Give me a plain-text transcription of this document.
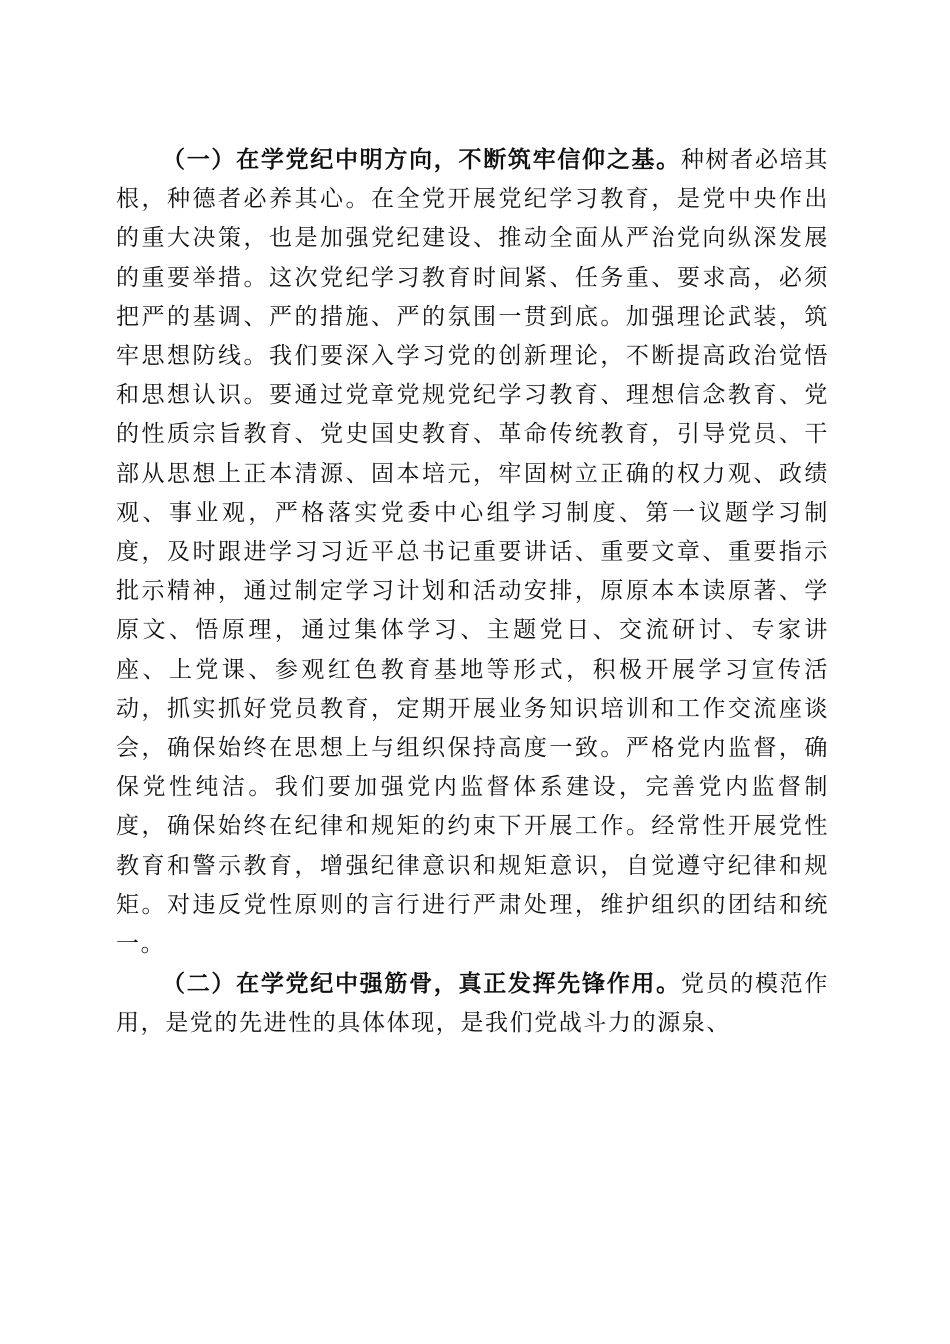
（一）在学党纪中明方向，不断筑牢信仰之基。种树者必培其根，种德者必养其心。在全党开展党纪学习教育，是党中央作出的重大决策，也是加强党纪建设、推动全面从严治党向纵深发展的重要举措。这次党纪学习教育时间紧、任务重、要求高，必须把严的基调、严的措施、严的氛围一贯到底。加强理论武装，筑牢思想防线。我们要深入学习党的创新理论，不断提高政治觉悟和思想认识。要通过党章党规党纪学习教育、理想信念教育、党的性质宗旨教育、党史国史教育、革命传统教育，引导党员、干部从思想上正本清源、固本培元，牢固树立正确的权力观、政绩观、事业观，严格落实党委中心组学习制度、第一议题学习制度，及时跟进学习习近平总书记重要讲话、重要文章、重要指示批示精神，通过制定学习计划和活动安排，原原本本读原著、学原文、悟原理，通过集体学习、主题党日、交流研讨、专家讲座、上党课、参观红色教育基地等形式，积极开展学习宣传活动，抓实抓好党员教育，定期开展业务知识培训和工作交流座谈会，确保始终在思想上与组织保持高度一致。严格党内监督，确保党性纯洁。我们要加强党内监督体系建设，完善党内监督制度，确保始终在纪律和规矩的约束下开展工作。经常性开展党性教育和警示教育，增强纪律意识和规矩意识，自觉遵守纪律和规矩。对违反党性原则的言行进行严肃处理，维护组织的团结和统一。

（二）在学党纪中强筋骨，真正发挥先锋作用。党员的模范作用，是党的先进性的具体体现，是我们党战斗力的源泉、
